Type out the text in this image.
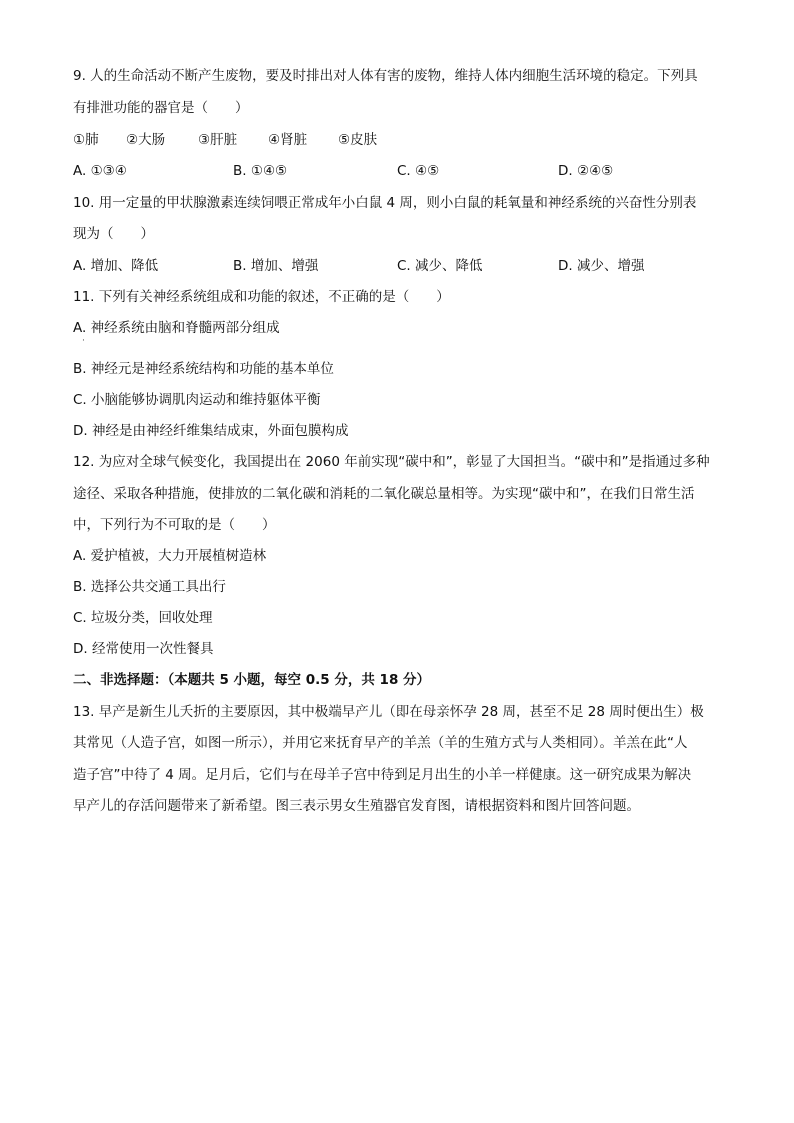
9. 人的生命活动不断产生废物，要及时排出对人体有害的废物，维持人体内细胞生活环境的稳定。下列具
有排泄功能的器官是（　　）
①肺 ②大肠 ③肝脏 ④肾脏 ⑤皮肤
A. ①③④	B. ①④⑤	C. ④⑤	D. ②④⑤
10. 用一定量的甲状腺激素连续饲喂正常成年小白鼠 4 周，则小白鼠的耗氧量和神经系统的兴奋性分别表
现为（　　）
A. 增加、降低	B. 增加、增强	C. 减少、降低	D. 减少、增强
11. 下列有关神经系统组成和功能的叙述，不正确的是（　　）
A. 神经系统由脑和脊髓两部分组成
·
B. 神经元是神经系统结构和功能的基本单位
C. 小脑能够协调肌肉运动和维持躯体平衡
D. 神经是由神经纤维集结成束，外面包膜构成
12. 为应对全球气候变化，我国提出在 2060 年前实现“碳中和”，彰显了大国担当。“碳中和”是指通过多种
途径、采取各种措施，使排放的二氧化碳和消耗的二氧化碳总量相等。为实现“碳中和”，在我们日常生活
中，下列行为不可取的是（　　）
A. 爱护植被，大力开展植树造林
B. 选择公共交通工具出行
C. 垃圾分类，回收处理
D. 经常使用一次性餐具
二、非选择题：（本题共 5 小题，每空 0.5 分，共 18 分）
13. 早产是新生儿夭折的主要原因，其中极端早产儿（即在母亲怀孕 28 周，甚至不足 28 周时便出生）极
其常见（人造子宫，如图一所示），并用它来抚育早产的羊羔（羊的生殖方式与人类相同）。羊羔在此“人
造子宫”中待了 4 周。足月后，它们与在母羊子宫中待到足月出生的小羊一样健康。这一研究成果为解决
早产儿的存活问题带来了新希望。图三表示男女生殖器官发育图，请根据资料和图片回答问题。
